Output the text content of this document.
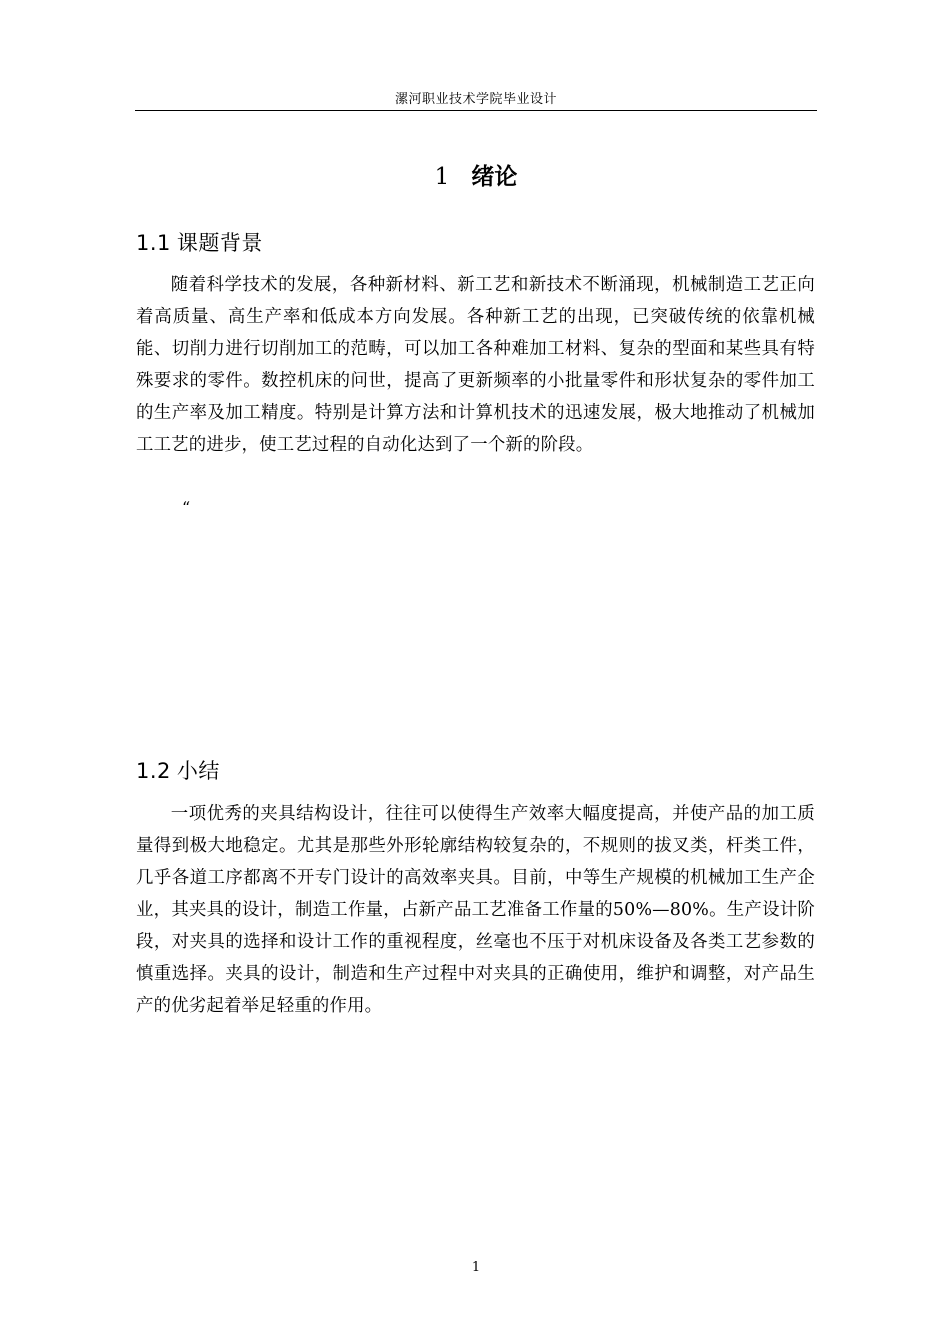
漯河职业技术学院毕业设计
1 绪论
1.1 课题背景

随着科学技术的发展，各种新材料、新工艺和新技术不断涌现，机械制造工艺正向着高质量、高生产率和低成本方向发展。各种新工艺的出现，已突破传统的依靠机械能、切削力进行切削加工的范畴，可以加工各种难加工材料、复杂的型面和某些具有特殊要求的零件。数控机床的问世，提高了更新频率的小批量零件和形状复杂的零件加工的生产率及加工精度。特别是计算方法和计算机技术的迅速发展，极大地推动了机械加工工艺的进步，使工艺过程的自动化达到了一个新的阶段。

“
1.2 小结

一项优秀的夹具结构设计，往往可以使得生产效率大幅度提高，并使产品的加工质量得到极大地稳定。尤其是那些外形轮廓结构较复杂的，不规则的拔叉类，杆类工件，几乎各道工序都离不开专门设计的高效率夹具。目前，中等生产规模的机械加工生产企业，其夹具的设计，制造工作量，占新产品工艺准备工作量的50%—80%。生产设计阶段，对夹具的选择和设计工作的重视程度，丝毫也不压于对机床设备及各类工艺参数的慎重选择。夹具的设计，制造和生产过程中对夹具的正确使用，维护和调整，对产品生产的优劣起着举足轻重的作用。

1
